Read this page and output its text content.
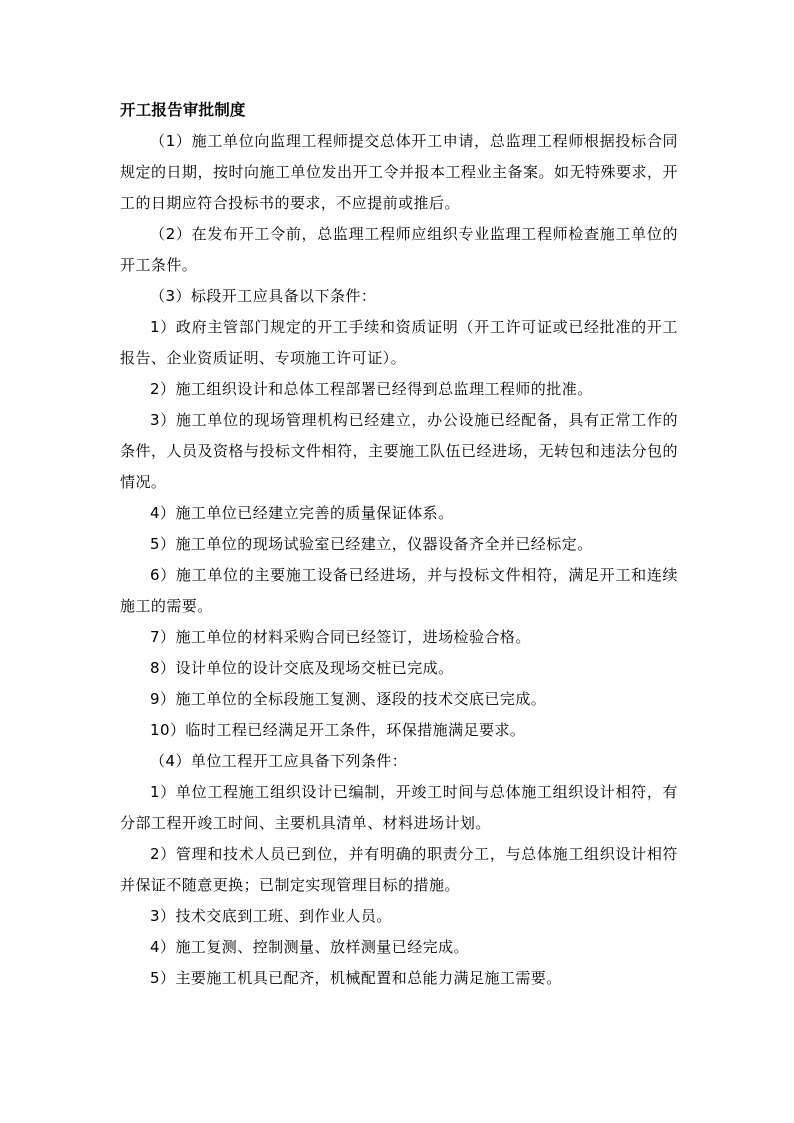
开工报告审批制度

（1）施工单位向监理工程师提交总体开工申请，总监理工程师根据投标合同规定的日期，按时向施工单位发出开工令并报本工程业主备案。如无特殊要求，开工的日期应符合投标书的要求，不应提前或推后。

（2）在发布开工令前，总监理工程师应组织专业监理工程师检查施工单位的开工条件。

（3）标段开工应具备以下条件：

1）政府主管部门规定的开工手续和资质证明（开工许可证或已经批准的开工报告、企业资质证明、专项施工许可证）。

2）施工组织设计和总体工程部署已经得到总监理工程师的批准。

3）施工单位的现场管理机构已经建立，办公设施已经配备，具有正常工作的条件，人员及资格与投标文件相符，主要施工队伍已经进场，无转包和违法分包的情况。

4）施工单位已经建立完善的质量保证体系。

5）施工单位的现场试验室已经建立，仪器设备齐全并已经标定。

6）施工单位的主要施工设备已经进场，并与投标文件相符，满足开工和连续施工的需要。

7）施工单位的材料采购合同已经签订，进场检验合格。

8）设计单位的设计交底及现场交桩已完成。

9）施工单位的全标段施工复测、逐段的技术交底已完成。

10）临时工程已经满足开工条件，环保措施满足要求。

（4）单位工程开工应具备下列条件：

1）单位工程施工组织设计已编制，开竣工时间与总体施工组织设计相符，有分部工程开竣工时间、主要机具清单、材料进场计划。

2）管理和技术人员已到位，并有明确的职责分工，与总体施工组织设计相符并保证不随意更换；已制定实现管理目标的措施。

3）技术交底到工班、到作业人员。

4）施工复测、控制测量、放样测量已经完成。

5）主要施工机具已配齐，机械配置和总能力满足施工需要。
